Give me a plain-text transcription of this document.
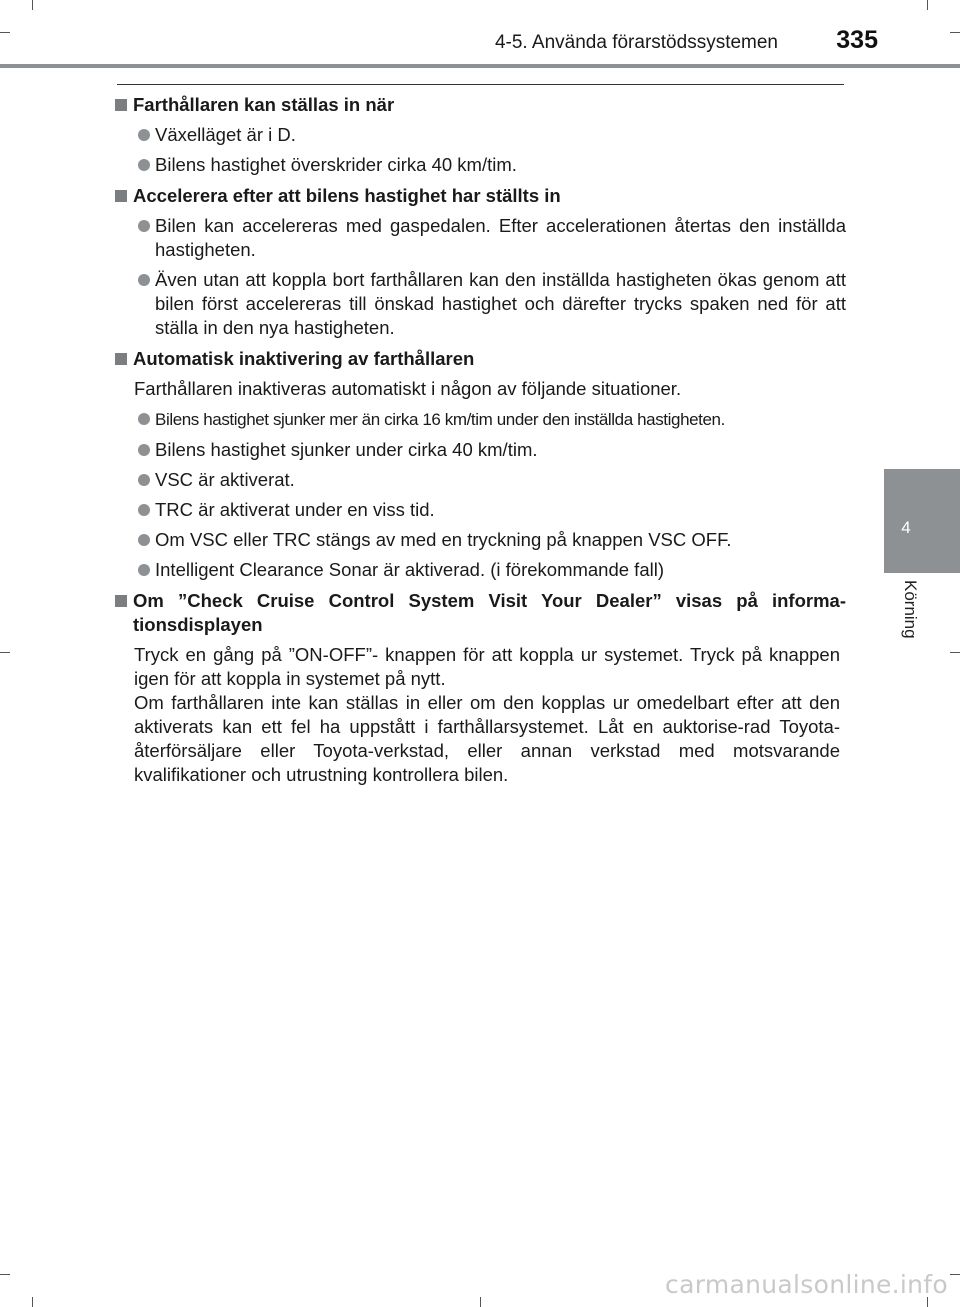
4-5. Använda förarstödssystemen 335
4
Körning
Farthållaren kan ställas in när
Växelläget är i D.
Bilens hastighet överskrider cirka 40 km/tim.
Accelerera efter att bilens hastighet har ställts in
Bilen kan accelereras med gaspedalen. Efter accelerationen återtas den inställda hastigheten.
Även utan att koppla bort farthållaren kan den inställda hastigheten ökas genom att bilen först accelereras till önskad hastighet och därefter trycks spaken ned för att ställa in den nya hastigheten.
Automatisk inaktivering av farthållaren
Farthållaren inaktiveras automatiskt i någon av följande situationer.
Bilens hastighet sjunker mer än cirka 16 km/tim under den inställda hastigheten.
Bilens hastighet sjunker under cirka 40 km/tim.
VSC är aktiverat.
TRC är aktiverat under en viss tid.
Om VSC eller TRC stängs av med en tryckning på knappen VSC OFF.
Intelligent Clearance Sonar är aktiverad. (i förekommande fall)
Om ”Check Cruise Control System Visit Your Dealer” visas på informa-tionsdisplayen
Tryck en gång på ”ON-OFF”- knappen för att koppla ur systemet. Tryck på knappen igen för att koppla in systemet på nytt.
Om farthållaren inte kan ställas in eller om den kopplas ur omedelbart efter att den aktiverats kan ett fel ha uppstått i farthållarsystemet. Låt en auktorise-rad Toyota-återförsäljare eller Toyota-verkstad, eller annan verkstad med motsvarande kvalifikationer och utrustning kontrollera bilen.
carmanualsonline.info
